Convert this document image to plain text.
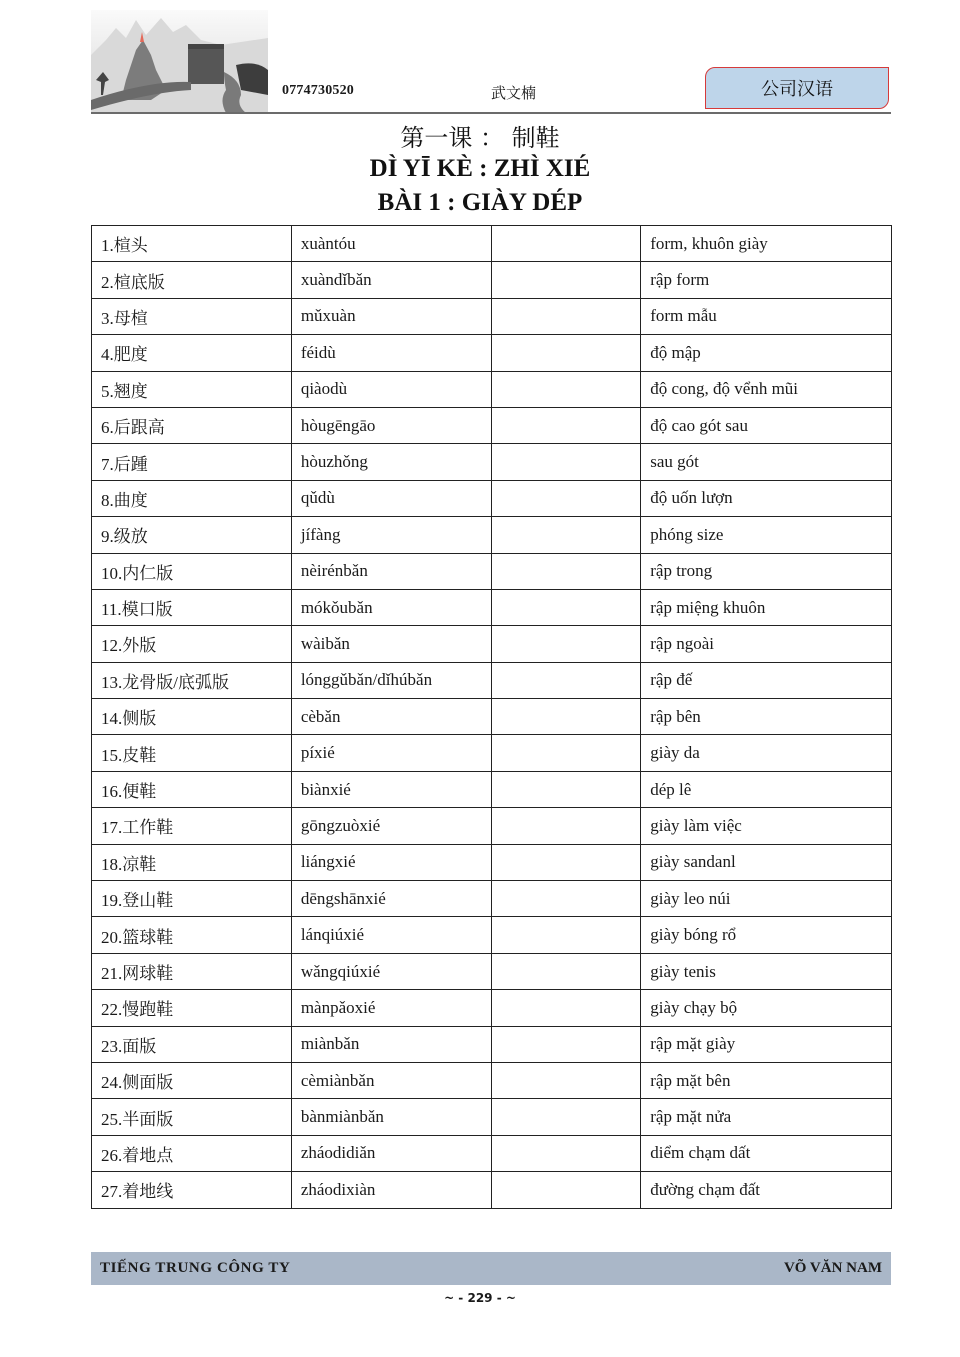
0774730520	武文楠	公司汉语
第一课 ： 制鞋
DÌ YĪ KÈ : ZHÌ XIÉ
BÀI 1 : GIÀY DÉP
1.楦头	xuàntóu		form, khuôn giày
2.楦底版	xuàndǐbǎn		rập form
3.母楦	mǔxuàn		form mẫu
4.肥度	féidù		độ mập
5.翘度	qiàodù		độ cong, độ vểnh mũi
6.后跟高	hòugēngāo		độ cao gót sau
7.后踵	hòuzhǒng		sau gót
8.曲度	qǔdù		độ uốn lượn
9.级放	jífàng		phóng size
10.内仁版	nèirénbǎn		rập trong
11.模口版	mókǒubǎn		rập miệng khuôn
12.外版	wàibǎn		rập ngoài
13.龙骨版/底弧版	lónggǔbǎn/dǐhúbǎn		rập đế
14.侧版	cèbǎn		rập bên
15.皮鞋	píxié		giày da
16.便鞋	biànxié		dép lê
17.工作鞋	gōngzuòxié		giày làm việc
18.凉鞋	liángxié		giày sandanl
19.登山鞋	dēngshānxié		giày leo núi
20.篮球鞋	lánqiúxié		giày bóng rổ
21.网球鞋	wǎngqiúxié		giày tenis
22.慢跑鞋	mànpǎoxié		giày chạy bộ
23.面版	miànbǎn		rập mặt giày
24.侧面版	cèmiànbǎn		rập mặt bên
25.半面版	bànmiànbǎn		rập mặt nửa
26.着地点	zháodidiǎn		diểm chạm dất
27.着地线	zháodixiàn		đường chạm đất
TIẾNG TRUNG CÔNG TY	VÕ VĂN NAM
~ - 229 - ~
